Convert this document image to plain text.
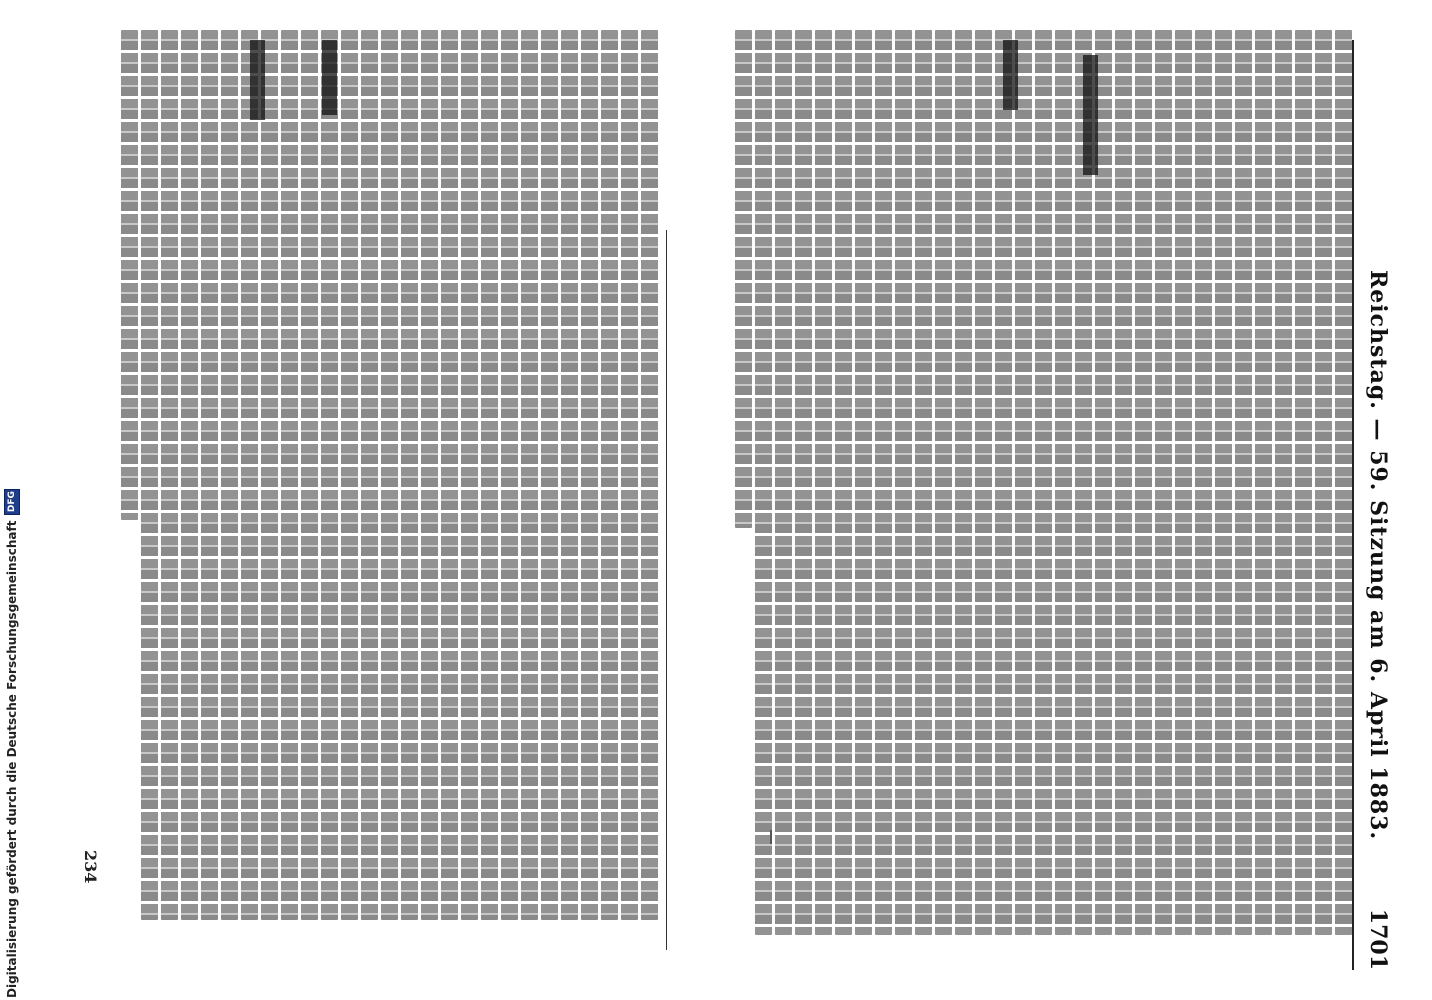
Reichstag. — 59. Sitzung am 6. April 1883.
1701
234
Digitalisierung gefördert durch die Deutsche Forschungsgemeinschaft
DFG
